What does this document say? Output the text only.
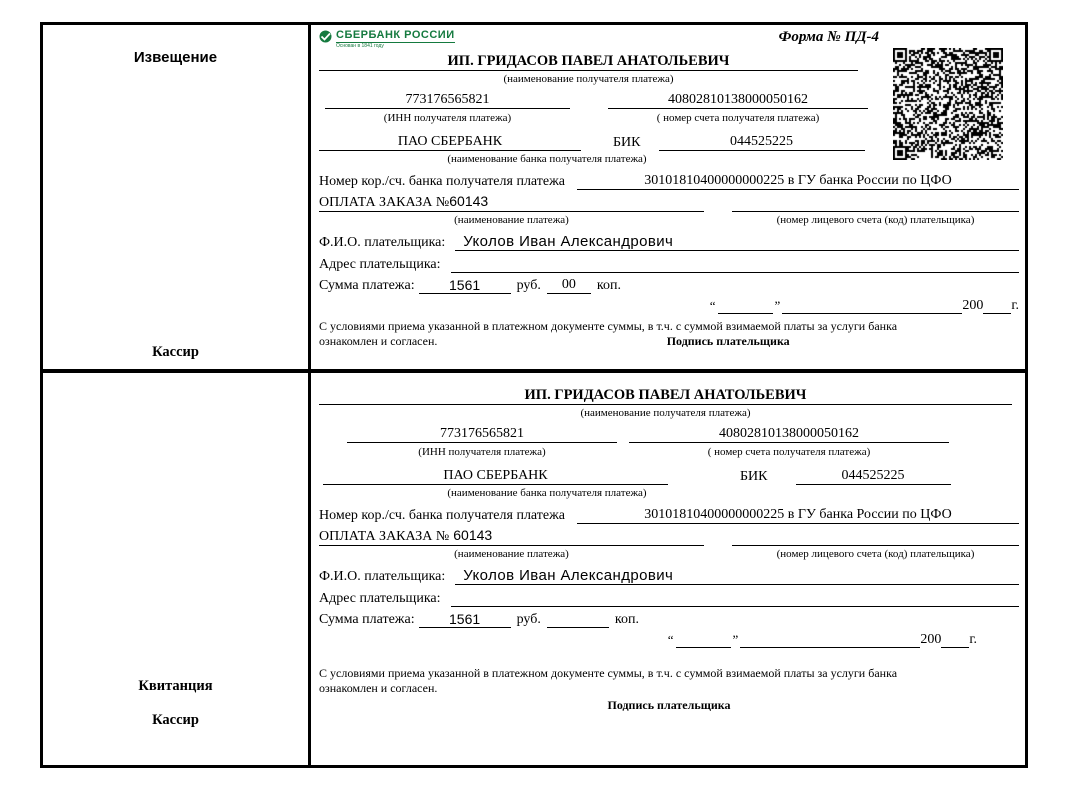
Извещение
Кассир
СБЕРБАНК РОССИИ
Основан в 1841 году
Форма № ПД-4
ИП. ГРИДАСОВ ПАВЕЛ АНАТОЛЬЕВИЧ
(наименование получателя платежа)
773176565821	40802810138000050162
(ИНН получателя платежа)	( номер счета получателя платежа)
ПАО СБЕРБАНК	БИК	044525225
(наименование банка получателя платежа)
Номер кор./сч. банка получателя платежа	30101810400000000225 в ГУ банка России по ЦФО
ОПЛАТА ЗАКАЗА №60143
(наименование платежа)	(номер лицевого счета (код) плательщика)
Ф.И.О. плательщика:	Уколов Иван Александрович
Адрес плательщика:
Сумма платежа:	1561	руб.	00	коп.
“	”	200 г.
С условиями приема указанной в платежном документе суммы, в т.ч. с суммой взимаемой платы за услуги банка
ознакомлен и согласен.	Подпись плательщика
Квитанция
Кассир
ИП. ГРИДАСОВ ПАВЕЛ АНАТОЛЬЕВИЧ
(наименование получателя платежа)
773176565821	40802810138000050162
(ИНН получателя платежа)	( номер счета получателя платежа)
ПАО СБЕРБАНК	БИК	044525225
(наименование банка получателя платежа)
Номер кор./сч. банка получателя платежа	30101810400000000225 в ГУ банка России по ЦФО
ОПЛАТА ЗАКАЗА № 60143
(наименование платежа)	(номер лицевого счета (код) плательщика)
Ф.И.О. плательщика:	Уколов Иван Александрович
Адрес плательщика:
Сумма платежа:	1561	руб.	коп.
“	”	200 г.
С условиями приема указанной в платежном документе суммы, в т.ч. с суммой взимаемой платы за услуги банка
ознакомлен и согласен.
Подпись плательщика
